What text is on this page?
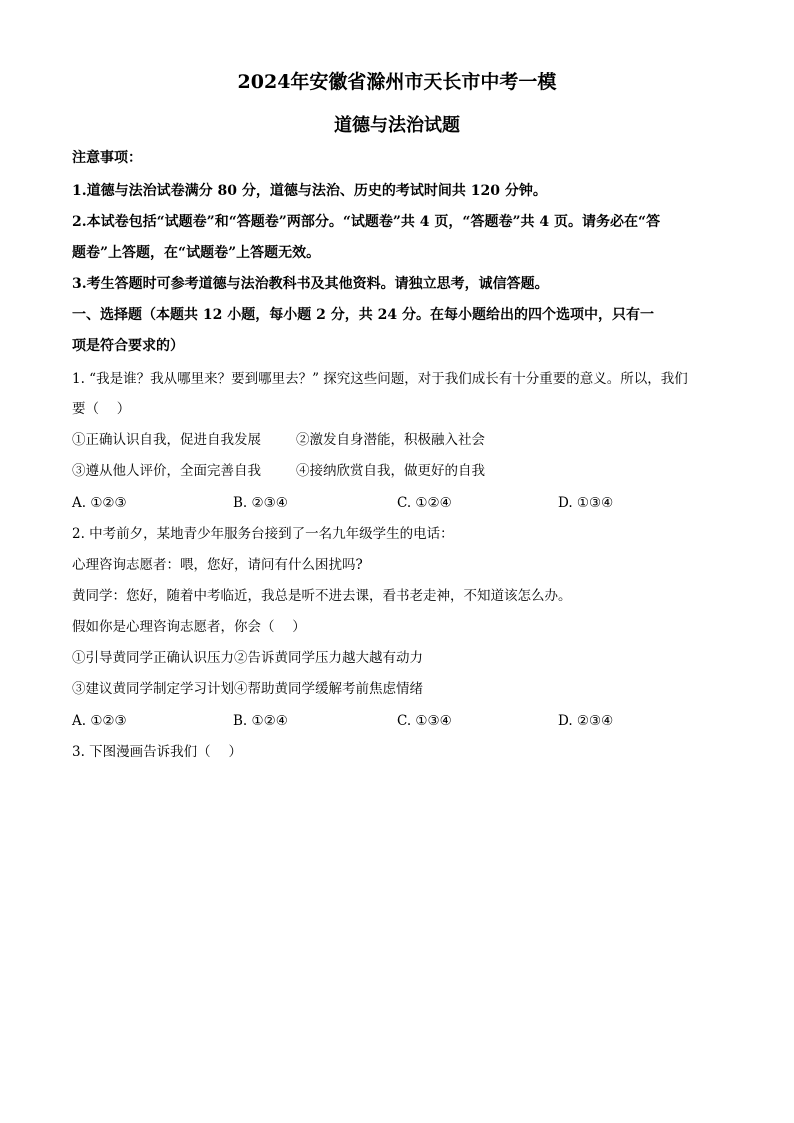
2024年安徽省滁州市天长市中考一模
道德与法治试题
注意事项：
1.道德与法治试卷满分 80 分，道德与法治、历史的考试时间共 120 分钟。
2.本试卷包括“试题卷”和“答题卷”两部分。“试题卷”共 4 页，“答题卷”共 4 页。请务必在“答
题卷”上答题，在“试题卷”上答题无效。
3.考生答题时可参考道德与法治教科书及其他资料。请独立思考，诚信答题。
一、选择题（本题共 12 小题，每小题 2 分，共 24 分。在每小题给出的四个选项中，只有一
项是符合要求的）
1. “我是谁？我从哪里来？要到哪里去？” 探究这些问题，对于我们成长有十分重要的意义。所以，我们
要（　 ）
①正确认识自我，促进自我发展	②激发自身潜能，积极融入社会
③遵从他人评价，全面完善自我	④接纳欣赏自我，做更好的自我
A. ①②③	B. ②③④	C. ①②④	D. ①③④
2. 中考前夕，某地青少年服务台接到了一名九年级学生的电话：
心理咨询志愿者：喂，您好，请问有什么困扰吗?
黄同学：您好，随着中考临近，我总是听不进去课，看书老走神，不知道该怎么办。
假如你是心理咨询志愿者，你会（　 ）
①引导黄同学正确认识压力②告诉黄同学压力越大越有动力
③建议黄同学制定学习计划④帮助黄同学缓解考前焦虑情绪
A. ①②③	B. ①②④	C. ①③④	D. ②③④
3. 下图漫画告诉我们（　 ）
